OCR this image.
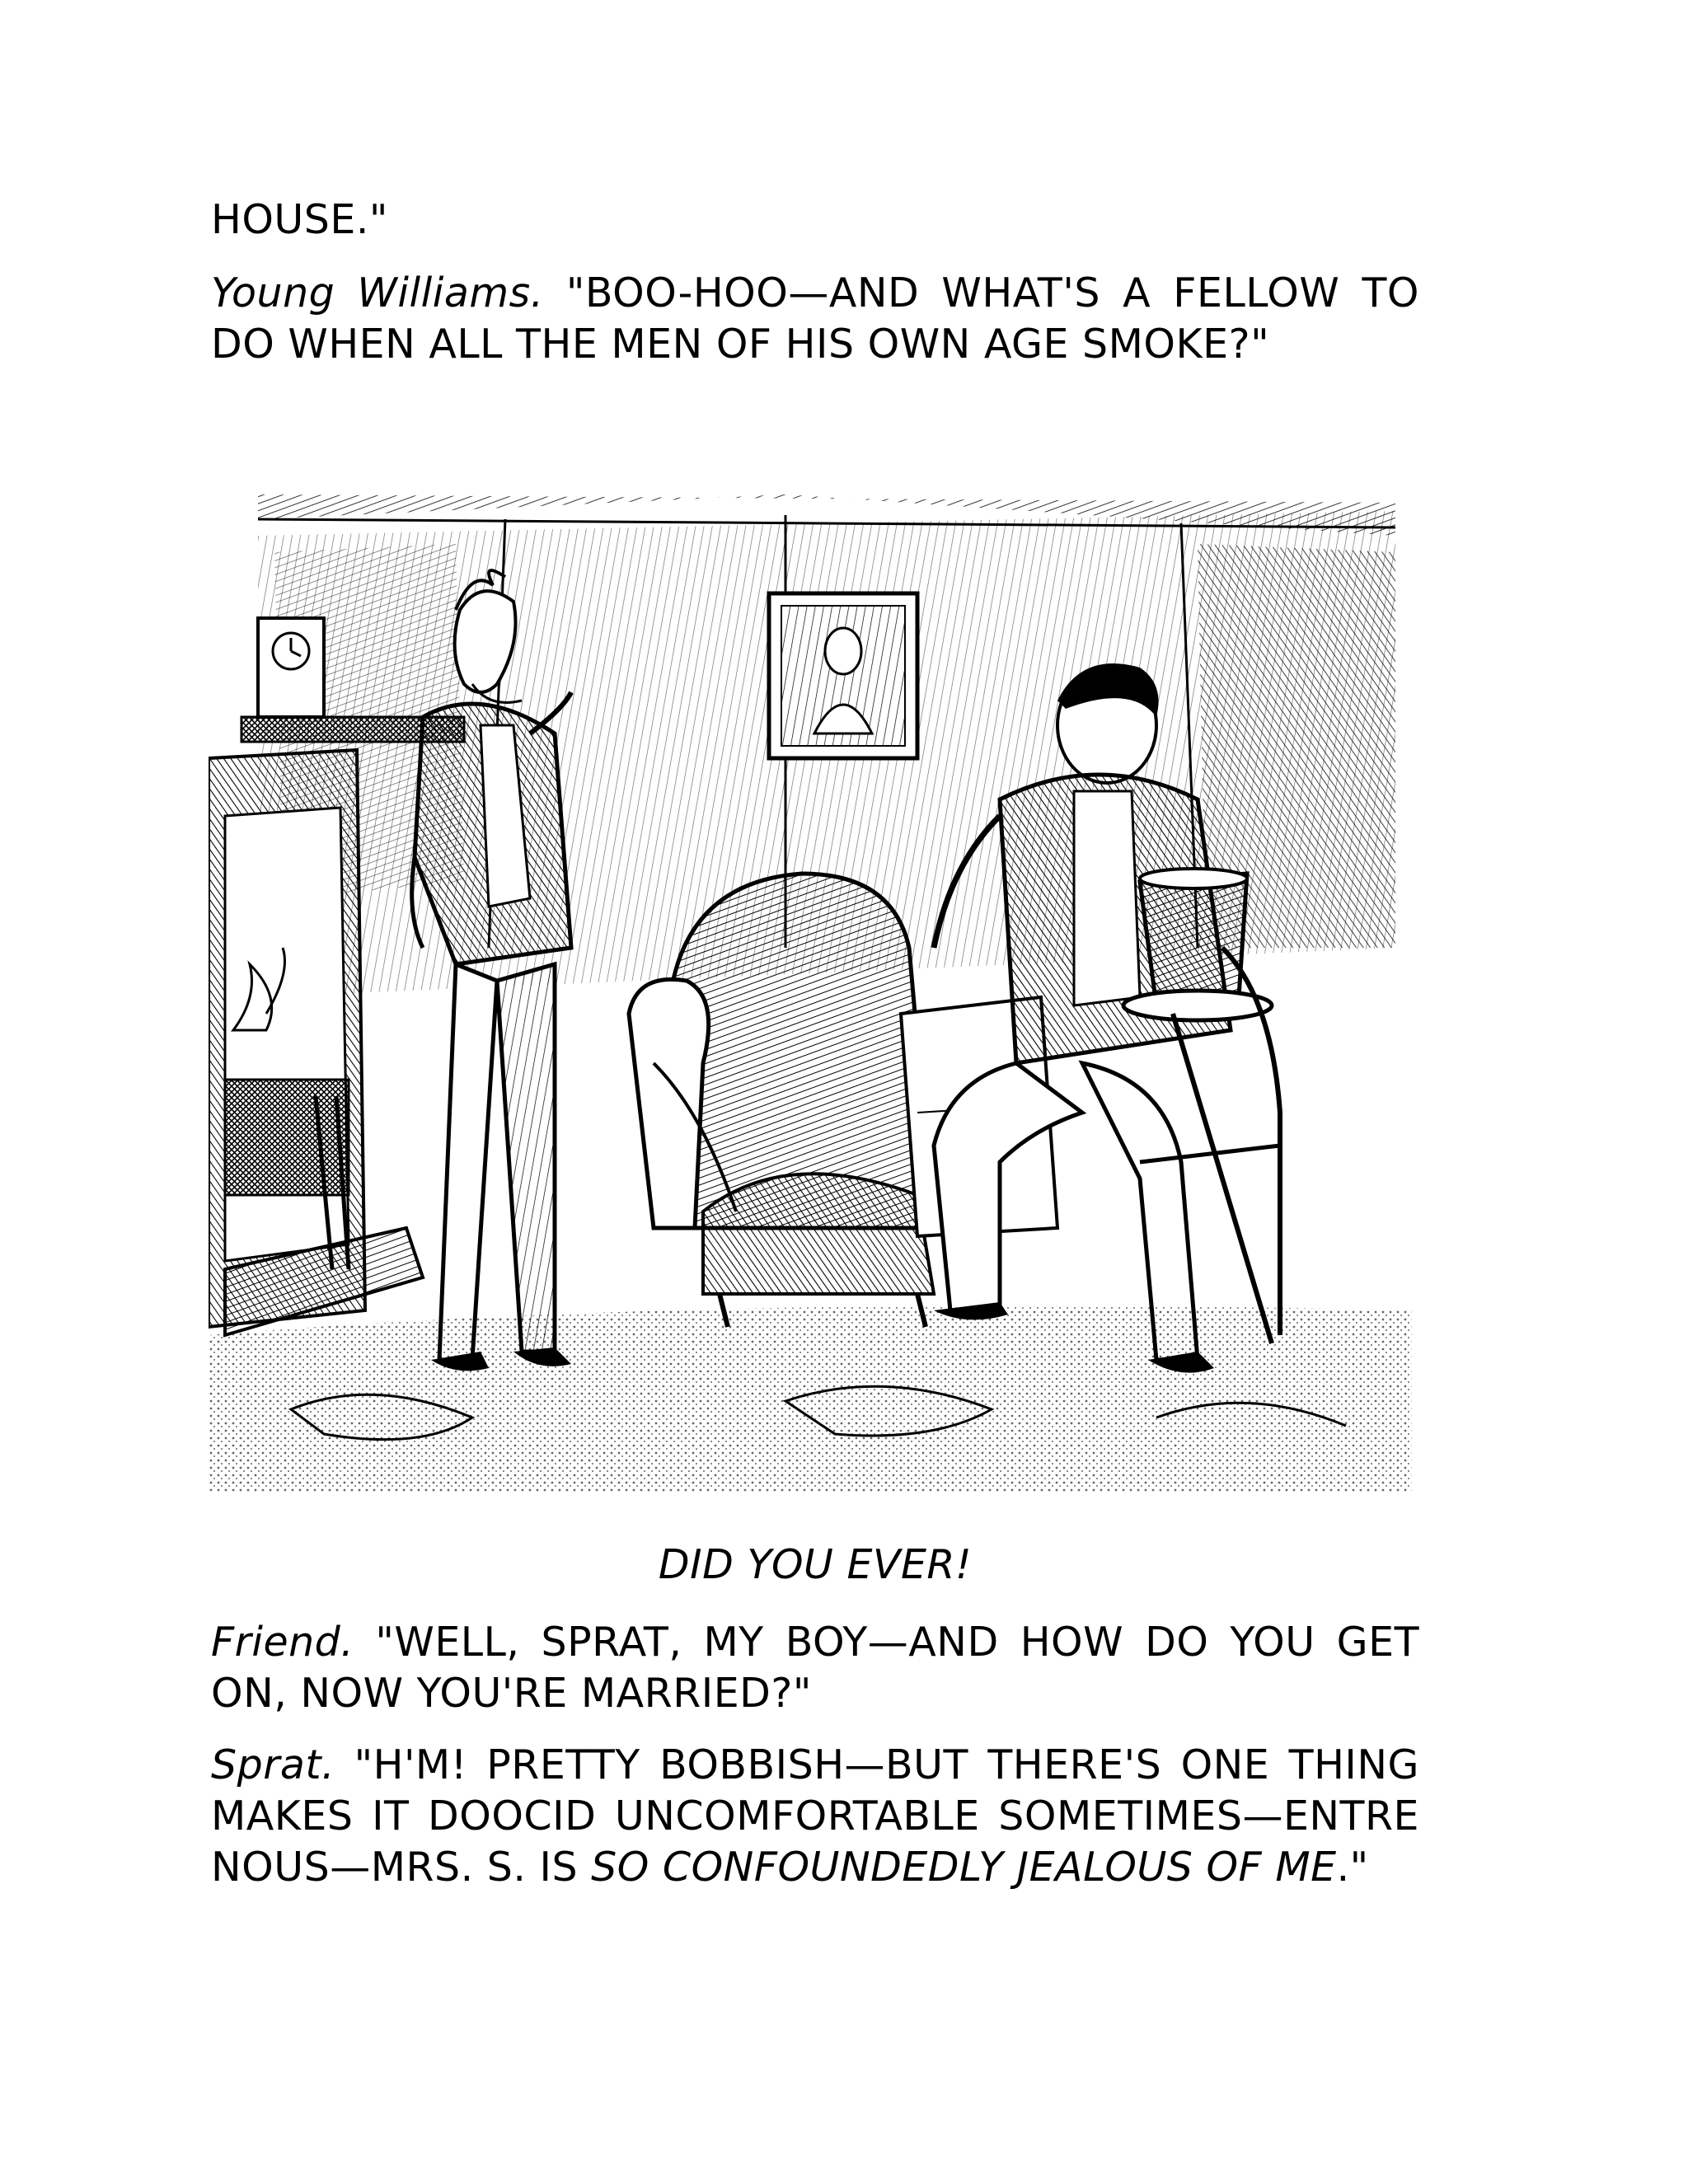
HOUSE."
Young Williams. "BOO-HOO—AND WHAT'S A FELLOW TO DO WHEN ALL THE MEN OF HIS OWN AGE SMOKE?"
DID YOU EVER!
Friend. "WELL, SPRAT, MY BOY—AND HOW DO YOU GET ON, NOW YOU'RE MARRIED?"
Sprat. "H'M! PRETTY BOBBISH—BUT THERE'S ONE THING MAKES IT DOOCID UNCOMFORTABLE SOMETIMES—ENTRE NOUS—MRS. S. IS SO CONFOUNDEDLY JEALOUS OF ME."
